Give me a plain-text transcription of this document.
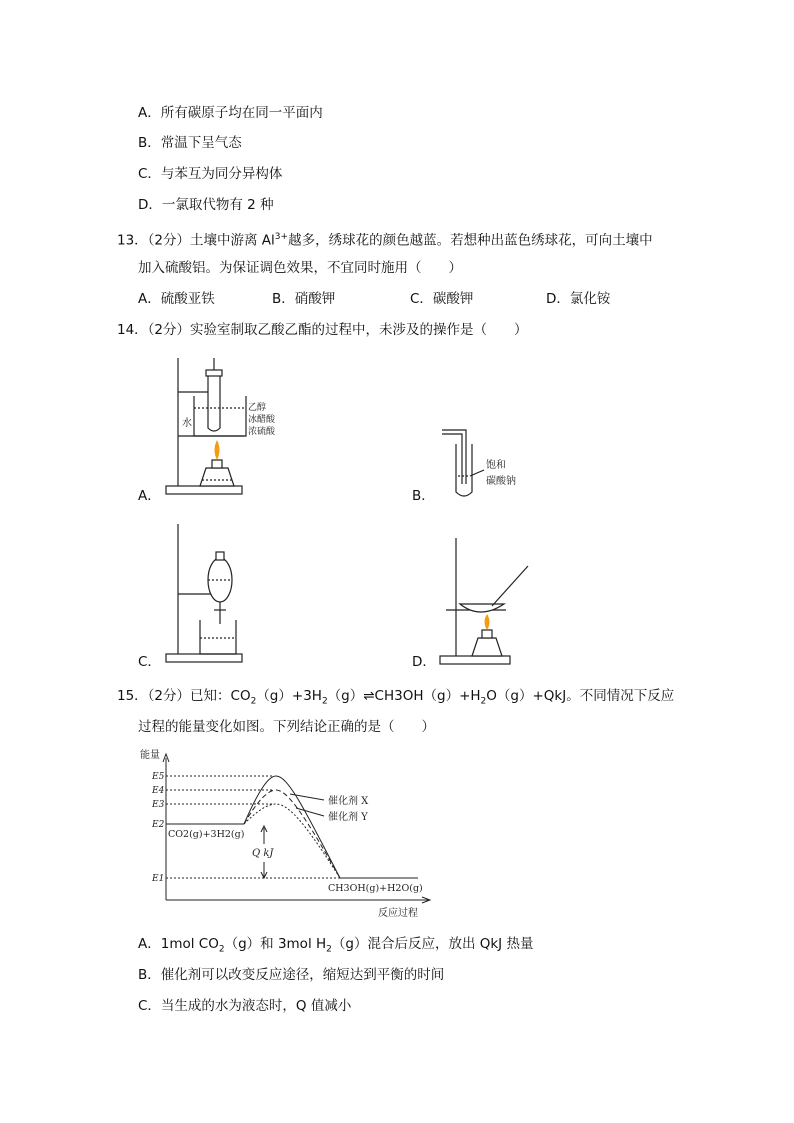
A．所有碳原子均在同一平面内
B．常温下呈气态
C．与苯互为同分异构体
D．一氯取代物有 2 种
13．（2分）土壤中游离 $Al^{3+}$越多，绣球花的颜色越蓝。若想种出蓝色绣球花，可向土壤中
加入硫酸铝。为保证调色效果，不宜同时施用（　　）
A．硫酸亚铁	B．硝酸钾	C．碳酸钾	D．氯化铵
14．（2分）实验室制取乙酸乙酯的过程中，未涉及的操作是（　　）
A．	B．
C．	D．
水
乙醇
冰醋酸
浓硫酸
饱和
碳酸钠
15．（2分）已知：$CO_2(g)+3H_2(g)\rightleftharpoons CH3OH(g)+H_2O(g)+QkJ$。不同情况下反应
过程的能量变化如图。下列结论正确的是（　　）
能量
反应过程
E5
E4
E3
E2
E1
CO2(g)+3H2(g)
CH3OH(g)+H2O(g)
Q kJ
催化剂 X
催化剂 Y
A．1mol $CO_2(g)$和 3mol $H_2(g)$混合后反应，放出 QkJ 热量
B．催化剂可以改变反应途径，缩短达到平衡的时间
C．当生成的水为液态时，Q 值减小
